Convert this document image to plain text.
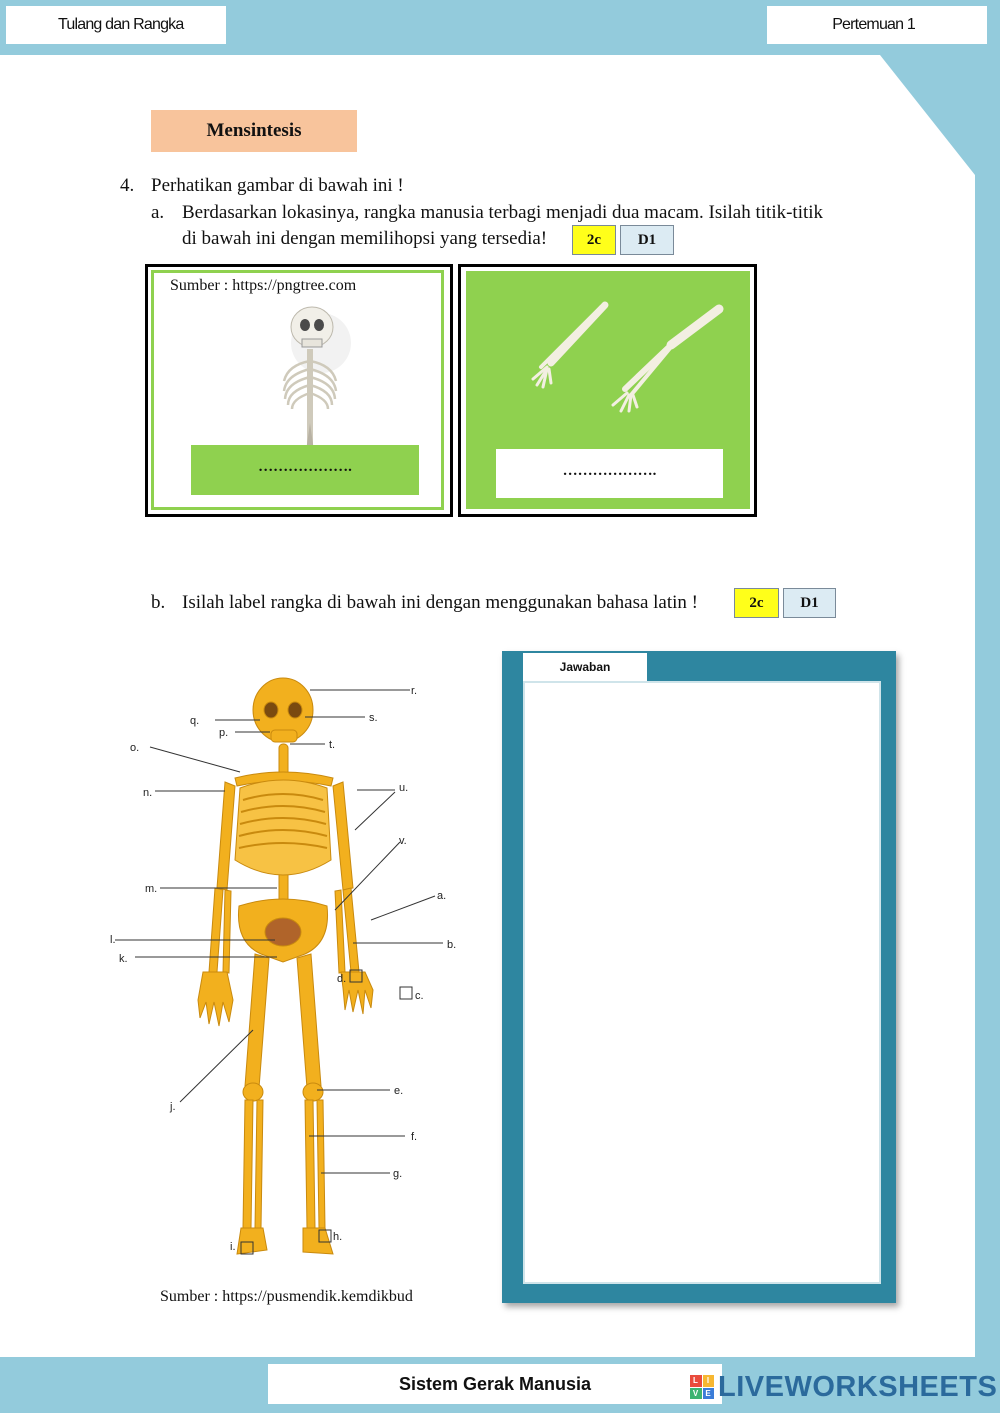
Tulang dan Rangka	Pertemuan 1
Mensintesis
4. Perhatikan gambar di bawah ini !
a. Berdasarkan lokasinya, rangka manusia terbagi menjadi dua macam. Isilah titik-titik
di bawah ini dengan memilihopsi yang tersedia!	2c	D1
Sumber : https://pngtree.com
……………….	……………….
b. Isilah label rangka di bawah ini dengan menggunakan bahasa latin !	2c	D1
r.
s.
q.
p.
t.
o.
n.	u.
v.
m.
a.
l.	b.
k.
d.
c.
j.
e.
f.
g.
h.
i.
Sumber : https://pusmendik.kemdikbud
Jawaban
Sistem Gerak Manusia	L	I
V E LIVEWORKSHEETS
